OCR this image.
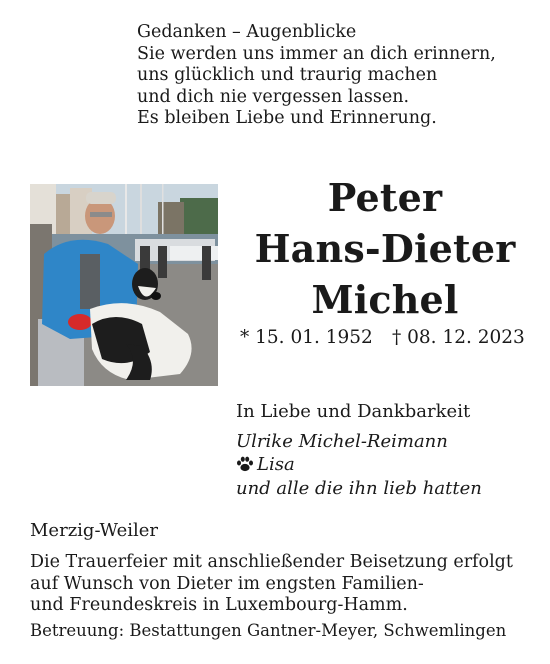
Gedanken – Augenblicke
Sie werden uns immer an dich erinnern,
uns glücklich und traurig machen
und dich nie vergessen lassen.
Es bleiben Liebe und Erinnerung.
Peter
Hans-Dieter
Michel
* 15. 01. 1952 † 08. 12. 2023
In Liebe und Dankbarkeit
Ulrike Michel-Reimann
Lisa
und alle die ihn lieb hatten
Merzig-Weiler
Die Trauerfeier mit anschließender Beisetzung erfolgt
auf Wunsch von Dieter im engsten Familien-
und Freundeskreis in Luxembourg-Hamm.
Betreuung: Bestattungen Gantner-Meyer, Schwemlingen
